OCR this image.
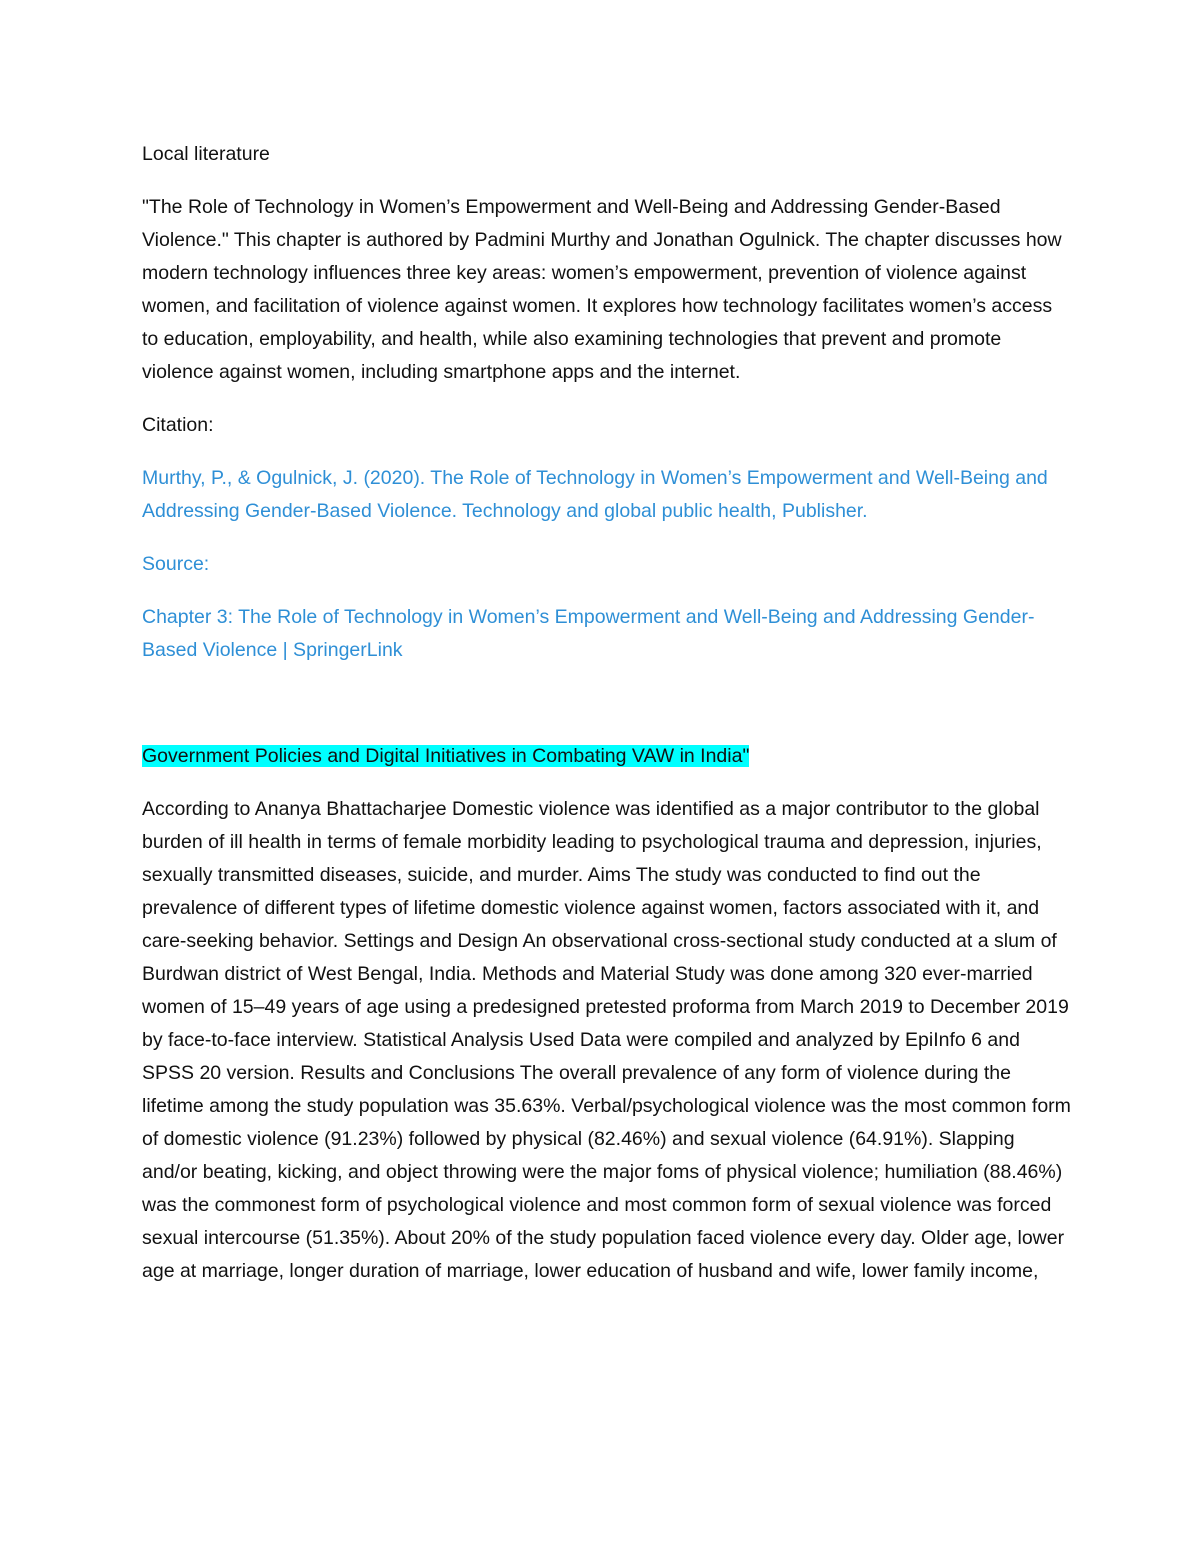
Local literature

"The Role of Technology in Women’s Empowerment and Well-Being and Addressing Gender-Based Violence." This chapter is authored by Padmini Murthy and Jonathan Ogulnick. The chapter discusses how modern technology influences three key areas: women’s empowerment, prevention of violence against women, and facilitation of violence against women. It explores how technology facilitates women’s access to education, employability, and health, while also examining technologies that prevent and promote violence against women, including smartphone apps and the internet.

Citation:

Murthy, P., & Ogulnick, J. (2020). The Role of Technology in Women’s Empowerment and Well-Being and Addressing Gender-Based Violence. Technology and global public health, Publisher.

Source:

Chapter 3: The Role of Technology in Women’s Empowerment and Well-Being and Addressing Gender-Based Violence | SpringerLink

Government Policies and Digital Initiatives in Combating VAW in India"

According to Ananya Bhattacharjee Domestic violence was identified as a major contributor to the global burden of ill health in terms of female morbidity leading to psychological trauma and depression, injuries, sexually transmitted diseases, suicide, and murder. Aims The study was conducted to find out the prevalence of different types of lifetime domestic violence against women, factors associated with it, and care-seeking behavior. Settings and Design An observational cross-sectional study conducted at a slum of Burdwan district of West Bengal, India. Methods and Material Study was done among 320 ever-married women of 15–49 years of age using a predesigned pretested proforma from March 2019 to December 2019 by face-to-face interview. Statistical Analysis Used Data were compiled and analyzed by EpiInfo 6 and SPSS 20 version. Results and Conclusions The overall prevalence of any form of violence during the lifetime among the study population was 35.63%. Verbal/psychological violence was the most common form of domestic violence (91.23%) followed by physical (82.46%) and sexual violence (64.91%). Slapping and/or beating, kicking, and object throwing were the major foms of physical violence; humiliation (88.46%) was the commonest form of psychological violence and most common form of sexual violence was forced sexual intercourse (51.35%). About 20% of the study population faced violence every day. Older age, lower age at marriage, longer duration of marriage, lower education of husband and wife, lower family income,
